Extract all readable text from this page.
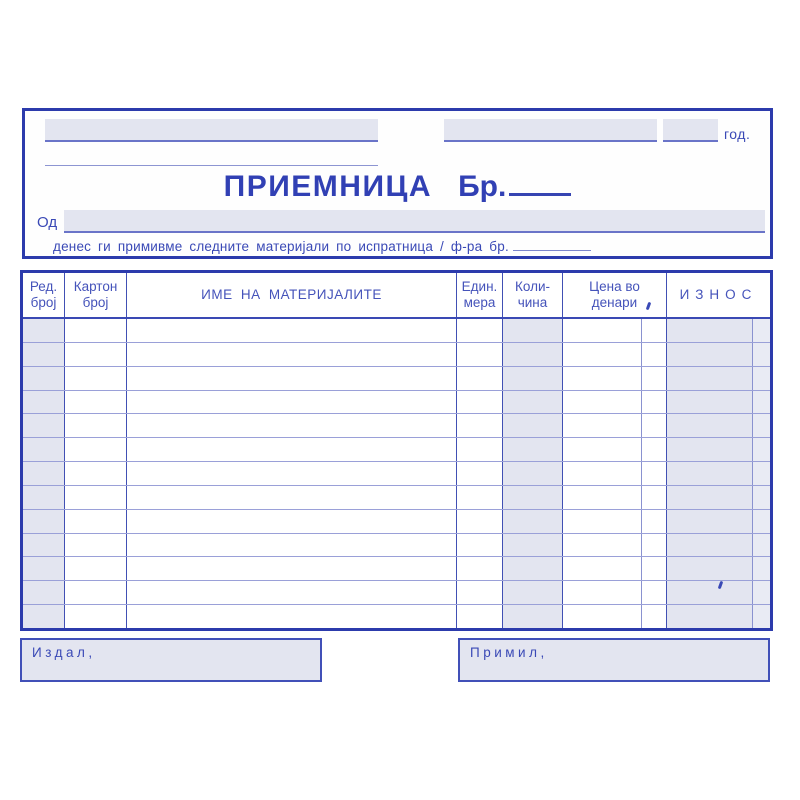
год.
ПРИЕМНИЦА Бр.
Од
денес ги примивме следните материјали по испратница / ф-ра бр.
Ред.
број
Картон
број
ИМЕ НА МАТЕРИЈАЛИТЕ
Един.
мера
Коли-
чина
Цена во
денари
ИЗНОС
Издал,	Примил,
